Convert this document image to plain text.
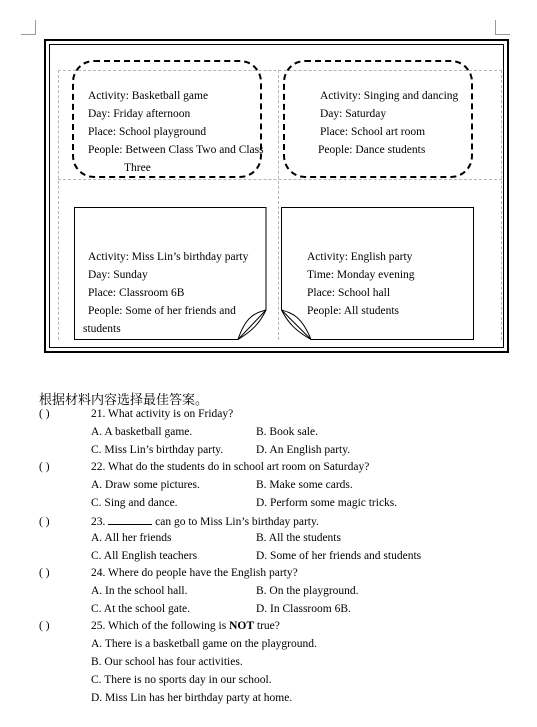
Activity: Basketball game
Day: Friday afternoon
Place: School playground
People: Between Class Two and Class
Three
Activity: Singing and dancing
Day: Saturday
Place: School art room
People: Dance students
Activity: Miss Lin’s birthday party
Day: Sunday
Place: Classroom 6B
People: Some of her friends and
students
Activity: English party
Time: Monday evening
Place: School hall
People: All students
根据材料内容选择最佳答案。
( )	21. What activity is on Friday?
A. A basketball game.	B. Book sale.
C. Miss Lin’s birthday party.	D. An English party.
( )	22. What do the students do in school art room on Saturday?
A. Draw some pictures.	B. Make some cards.
C. Sing and dance.	D. Perform some magic tricks.
( )	23.	can go to Miss Lin’s birthday party.
A. All her friends	B. All the students
C. All English teachers	D. Some of her friends and students
( )	24. Where do people have the English party?
A. In the school hall.	B. On the playground.
C. At the school gate.	D. In Classroom 6B.
( )	25. Which of the following is NOT true?
A. There is a basketball game on the playground.
B. Our school has four activities.
C. There is no sports day in our school.
D. Miss Lin has her birthday party at home.
